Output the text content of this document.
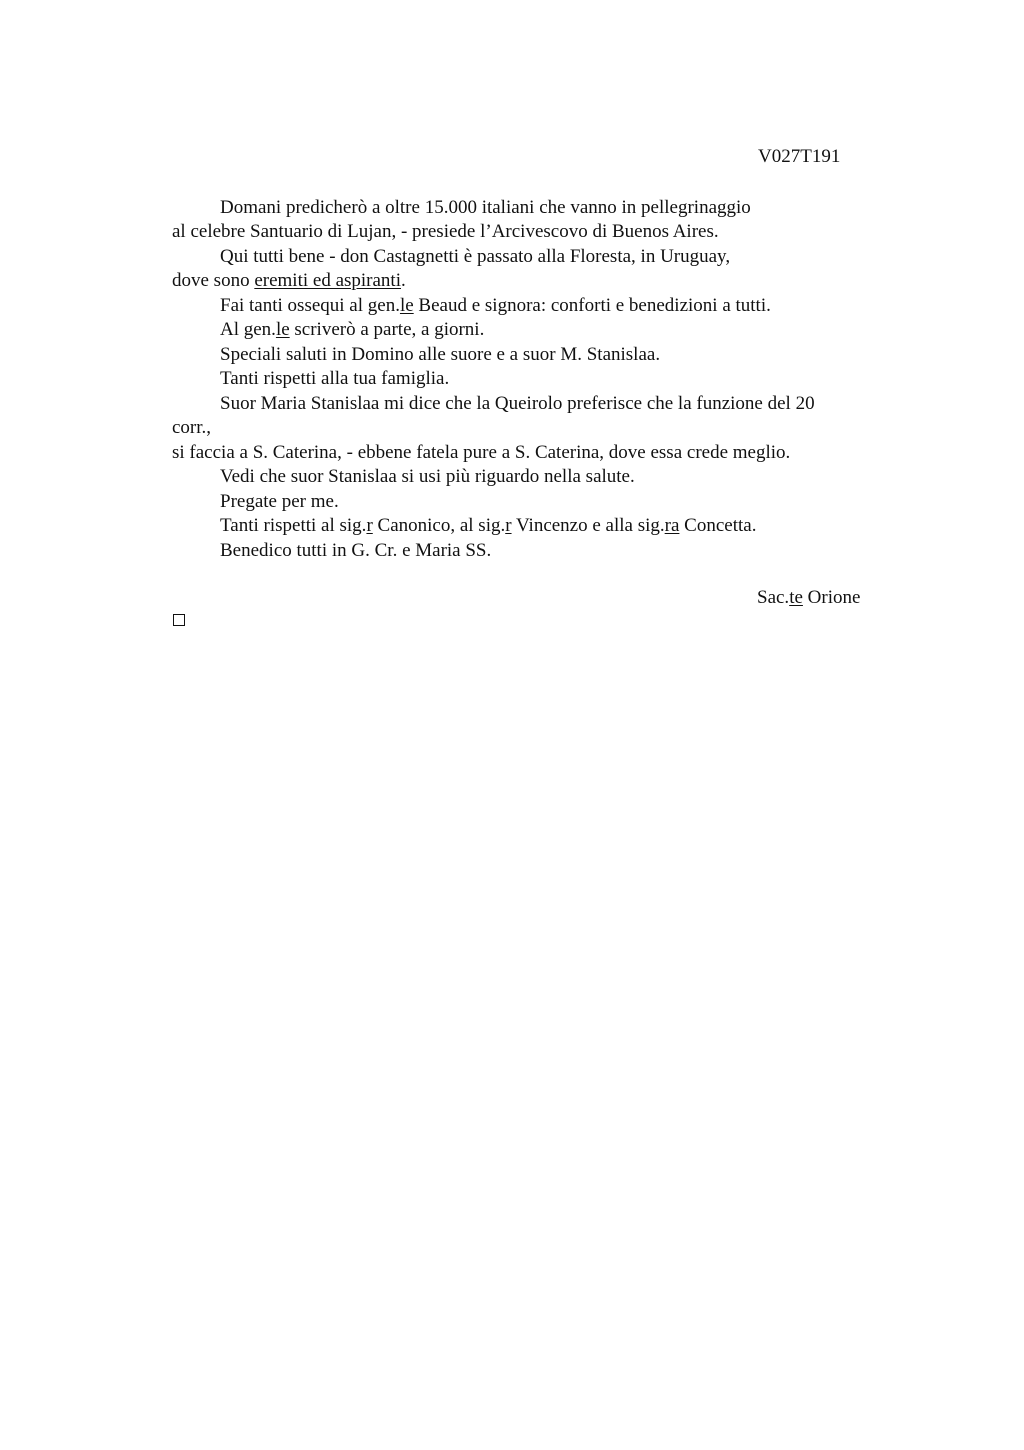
V027T191
Domani predicherò a oltre 15.000 italiani che vanno in pellegrinaggio
al celebre Santuario di Lujan, - presiede l’Arcivescovo di Buenos Aires.
Qui tutti bene - don Castagnetti è passato alla Floresta, in Uruguay,
dove sono eremiti ed aspiranti.
Fai tanti ossequi al gen.le Beaud e signora: conforti e benedizioni a tutti.
Al gen.le scriverò a parte, a giorni.
Speciali saluti in Domino alle suore e a suor M. Stanislaa.
Tanti rispetti alla tua famiglia.
Suor Maria Stanislaa mi dice che la Queirolo preferisce che la funzione del 20
corr.,
si faccia a S. Caterina, - ebbene fatela pure a S. Caterina, dove essa crede meglio.
Vedi che suor Stanislaa si usi più riguardo nella salute.
Pregate per me.
Tanti rispetti al sig.r Canonico, al sig.r Vincenzo e alla sig.ra Concetta.
Benedico tutti in G. Cr. e Maria SS.
Sac.te Orione
